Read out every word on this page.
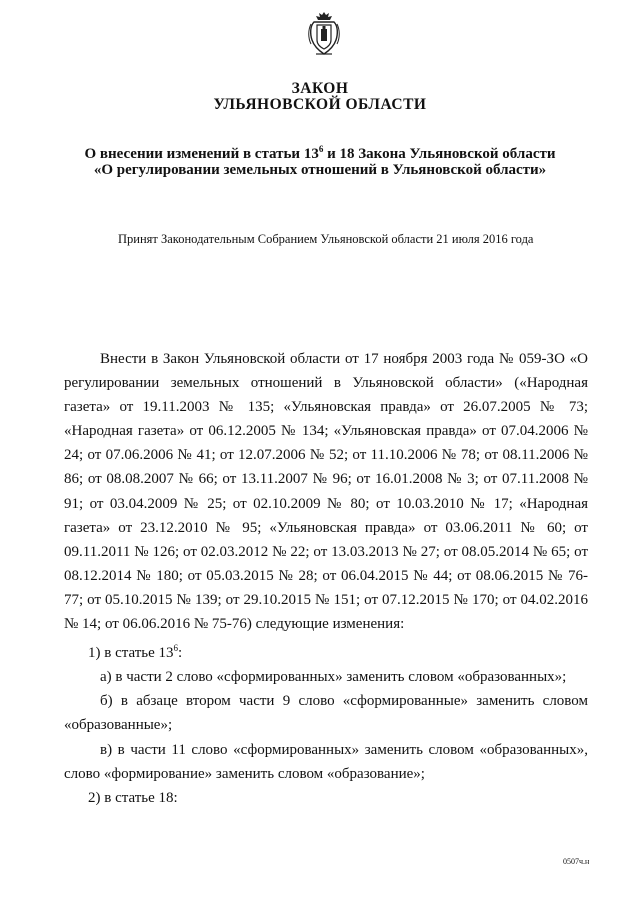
ЗАКОН
УЛЬЯНОВСКОЙ ОБЛАСТИ
О внесении изменений в статьи $13^6$ и 18 Закона Ульяновской области
«О регулировании земельных отношений в Ульяновской области»
Принят Законодательным Собранием Ульяновской области 21 июля 2016 года

Внести в Закон Ульяновской области от 17 ноября 2003 года № 059-ЗО «О регулировании земельных отношений в Ульяновской области» («Народная газета» от 19.11.2003 № 135; «Ульяновская правда» от 26.07.2005 № 73; «Народная газета» от 06.12.2005 № 134; «Ульяновская правда» от 07.04.2006 № 24; от 07.06.2006 № 41; от 12.07.2006 № 52; от 11.10.2006 № 78; от 08.11.2006 № 86; от 08.08.2007 № 66; от 13.11.2007 № 96; от 16.01.2008 № 3; от 07.11.2008 № 91; от 03.04.2009 № 25; от 02.10.2009 № 80; от 10.03.2010 № 17; «Народная газета» от 23.12.2010 № 95; «Ульяновская правда» от 03.06.2011 № 60; от 09.11.2011 № 126; от 02.03.2012 № 22; от 13.03.2013 № 27; от 08.05.2014 № 65; от 08.12.2014 № 180; от 05.03.2015 № 28; от 06.04.2015 № 44; от 08.06.2015 № 76-77; от 05.10.2015 № 139; от 29.10.2015 № 151; от 07.12.2015 № 170; от 04.02.2016 № 14; от 06.06.2016 № 75-76) следующие изменения:

1) в статье $13^6$:

а) в части 2 слово «сформированных» заменить словом «образованных»;

б) в абзаце втором части 9 слово «сформированные» заменить словом

«образованные»;

в) в части 11 слово «сформированных» заменить словом «образованных»,

слово «формирование» заменить словом «образование»;

2) в статье 18:

0507ч.н
